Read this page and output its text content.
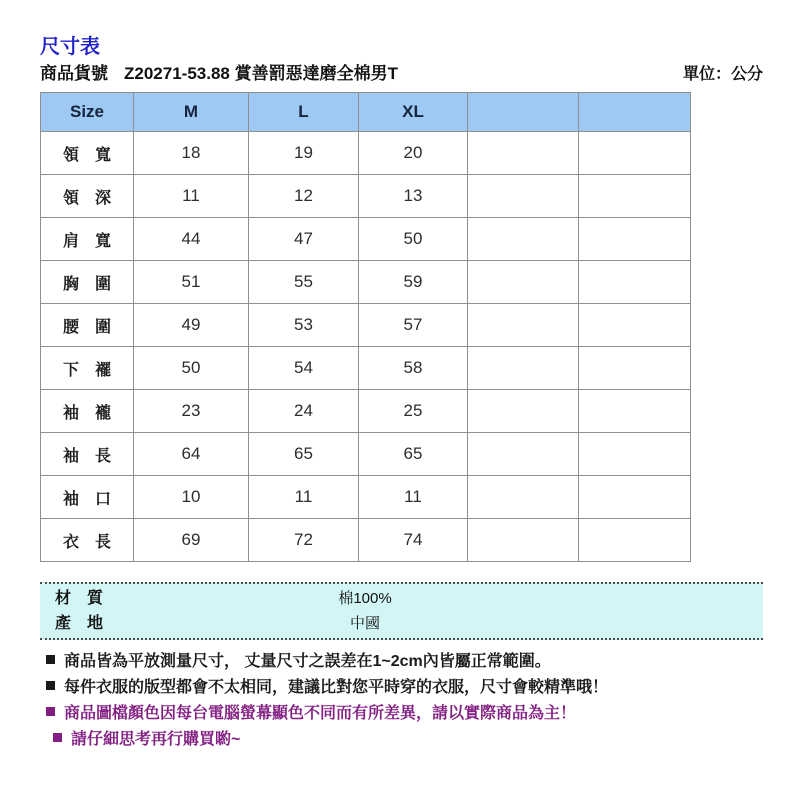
尺寸表
商品貨號 Z20271-53.88 賞善罰惡達磨全棉男T	單位：公分
Size	M	L	XL		
領　寬	18	19	20		
領　深	11	12	13		
肩　寬	44	47	50		
胸　圍	51	55	59		
腰　圍	49	53	57		
下　襬	50	54	58		
袖　襱	23	24	25		
袖　長	64	65	65		
袖　口	10	11	11		
衣　長	69	72	74		
材　質	棉100%
產　地	中國
商品皆為平放測量尺寸， 丈量尺寸之誤差在1~2cm內皆屬正常範圍。
每件衣服的版型都會不太相同，建議比對您平時穿的衣服，尺寸會較精準哦！
商品圖檔顏色因每台電腦螢幕顯色不同而有所差異，請以實際商品為主！
請仔細思考再行購買喲~
